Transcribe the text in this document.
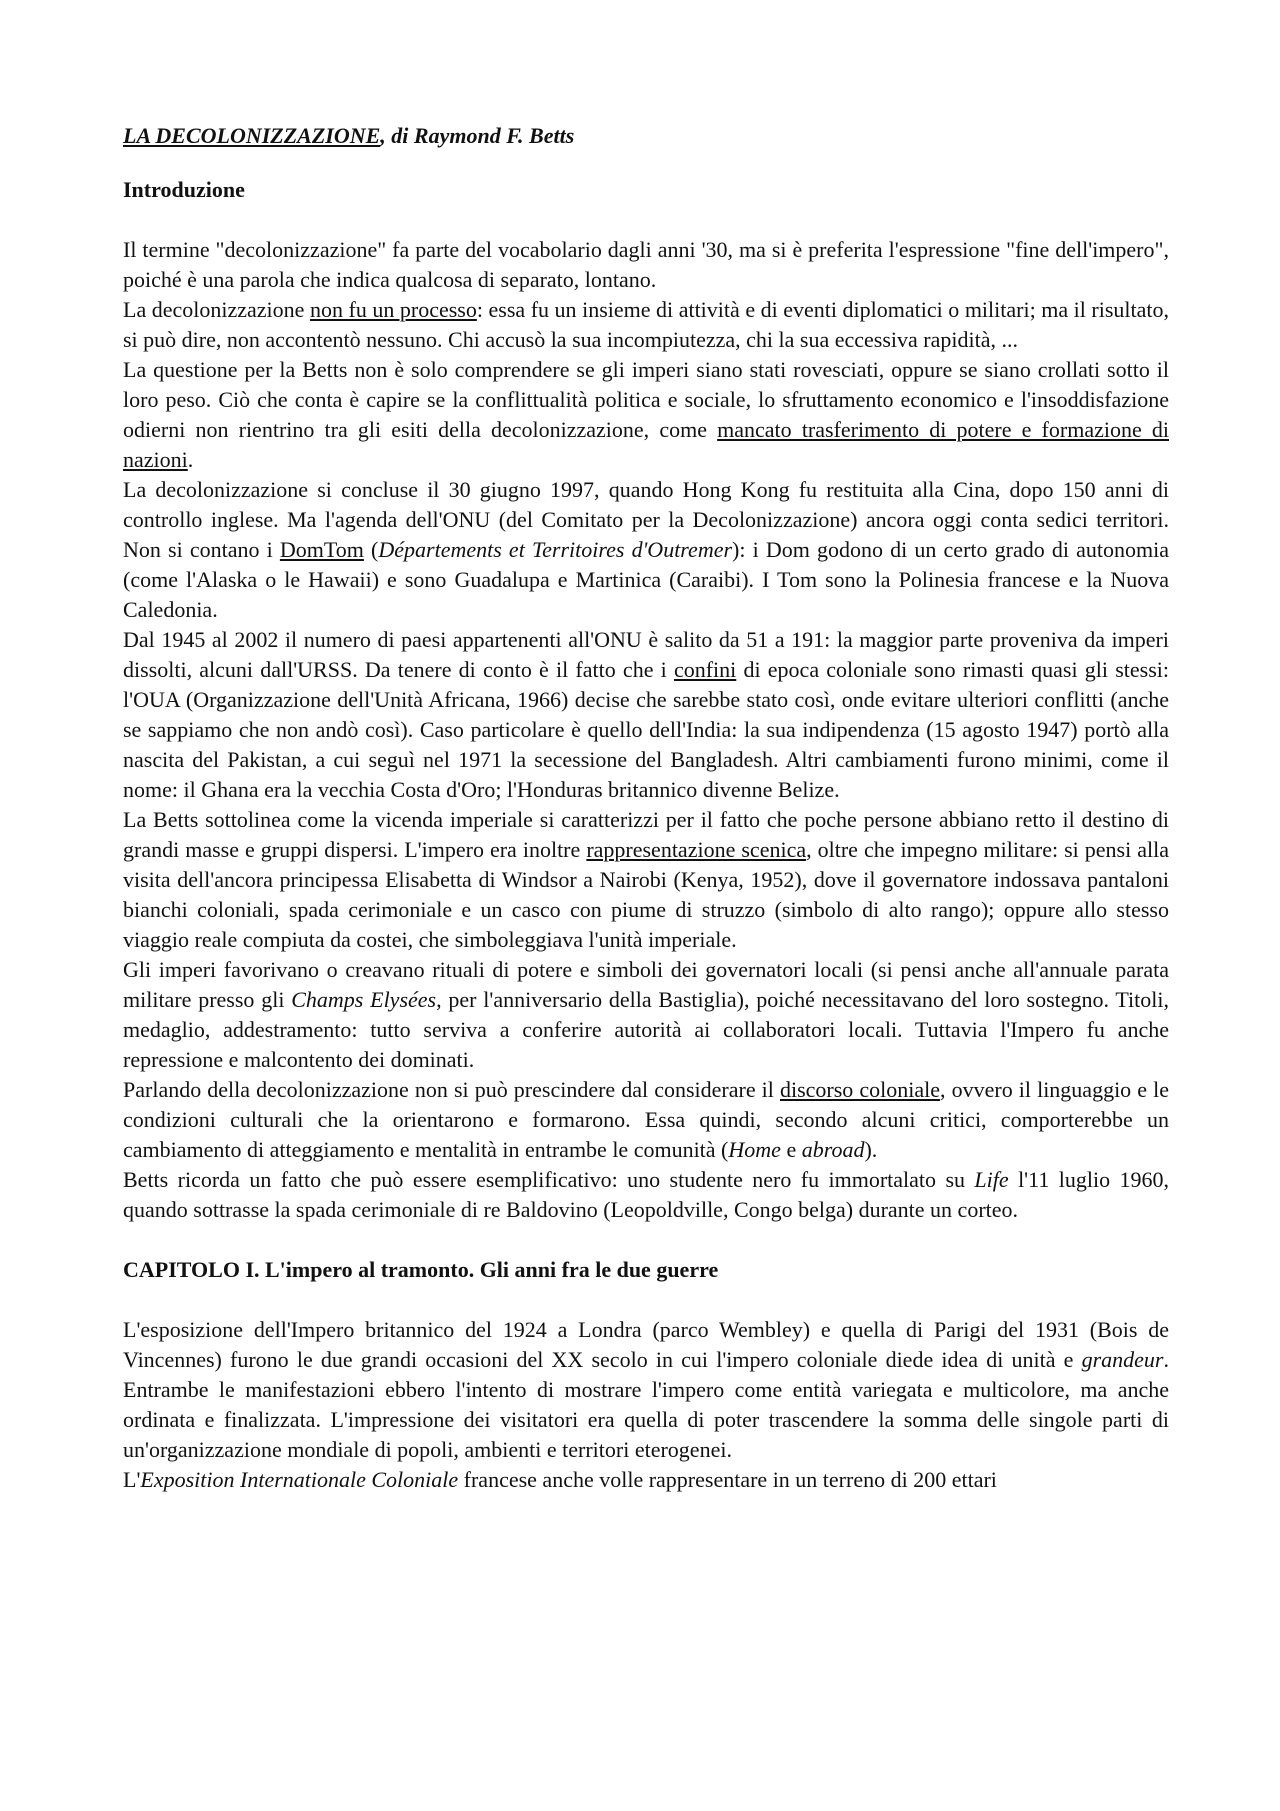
LA DECOLONIZZAZIONE, di Raymond F. Betts
Introduzione

Il termine "decolonizzazione" fa parte del vocabolario dagli anni '30, ma si è preferita l'espressione "fine dell'impero", poiché è una parola che indica qualcosa di separato, lontano.

La decolonizzazione non fu un processo: essa fu un insieme di attività e di eventi diplomatici o militari; ma il risultato, si può dire, non accontentò nessuno. Chi accusò la sua incompiutezza, chi la sua eccessiva rapidità, ...

La questione per la Betts non è solo comprendere se gli imperi siano stati rovesciati, oppure se siano crollati sotto il loro peso. Ciò che conta è capire se la conflittualità politica e sociale, lo sfruttamento economico e l'insoddisfazione odierni non rientrino tra gli esiti della decolonizzazione, come mancato trasferimento di potere e formazione di nazioni.

La decolonizzazione si concluse il 30 giugno 1997, quando Hong Kong fu restituita alla Cina, dopo 150 anni di controllo inglese. Ma l'agenda dell'ONU (del Comitato per la Decolonizzazione) ancora oggi conta sedici territori. Non si contano i DomTom (Départements et Territoires d'Outremer): i Dom godono di un certo grado di autonomia (come l'Alaska o le Hawaii) e sono Guadalupa e Martinica (Caraibi). I Tom sono la Polinesia francese e la Nuova Caledonia.

Dal 1945 al 2002 il numero di paesi appartenenti all'ONU è salito da 51 a 191: la maggior parte proveniva da imperi dissolti, alcuni dall'URSS. Da tenere di conto è il fatto che i confini di epoca coloniale sono rimasti quasi gli stessi: l'OUA (Organizzazione dell'Unità Africana, 1966) decise che sarebbe stato così, onde evitare ulteriori conflitti (anche se sappiamo che non andò così). Caso particolare è quello dell'India: la sua indipendenza (15 agosto 1947) portò alla nascita del Pakistan, a cui seguì nel 1971 la secessione del Bangladesh. Altri cambiamenti furono minimi, come il nome: il Ghana era la vecchia Costa d'Oro; l'Honduras britannico divenne Belize.

La Betts sottolinea come la vicenda imperiale si caratterizzi per il fatto che poche persone abbiano retto il destino di grandi masse e gruppi dispersi. L'impero era inoltre rappresentazione scenica, oltre che impegno militare: si pensi alla visita dell'ancora principessa Elisabetta di Windsor a Nairobi (Kenya, 1952), dove il governatore indossava pantaloni bianchi coloniali, spada cerimoniale e un casco con piume di struzzo (simbolo di alto rango); oppure allo stesso viaggio reale compiuta da costei, che simboleggiava l'unità imperiale.

Gli imperi favorivano o creavano rituali di potere e simboli dei governatori locali (si pensi anche all'annuale parata militare presso gli Champs Elysées, per l'anniversario della Bastiglia), poiché necessitavano del loro sostegno. Titoli, medaglio, addestramento: tutto serviva a conferire autorità ai collaboratori locali. Tuttavia l'Impero fu anche repressione e malcontento dei dominati.

Parlando della decolonizzazione non si può prescindere dal considerare il discorso coloniale, ovvero il linguaggio e le condizioni culturali che la orientarono e formarono. Essa quindi, secondo alcuni critici, comporterebbe un cambiamento di atteggiamento e mentalità in entrambe le comunità (Home e abroad).

Betts ricorda un fatto che può essere esemplificativo: uno studente nero fu immortalato su Life l'11 luglio 1960, quando sottrasse la spada cerimoniale di re Baldovino (Leopoldville, Congo belga) durante un corteo.

CAPITOLO I. L'impero al tramonto. Gli anni fra le due guerre

L'esposizione dell'Impero britannico del 1924 a Londra (parco Wembley) e quella di Parigi del 1931 (Bois de Vincennes) furono le due grandi occasioni del XX secolo in cui l'impero coloniale diede idea di unità e grandeur. Entrambe le manifestazioni ebbero l'intento di mostrare l'impero come entità variegata e multicolore, ma anche ordinata e finalizzata. L'impressione dei visitatori era quella di poter trascendere la somma delle singole parti di un'organizzazione mondiale di popoli, ambienti e territori eterogenei.

L'Exposition Internationale Coloniale francese anche volle rappresentare in un terreno di 200 ettari
